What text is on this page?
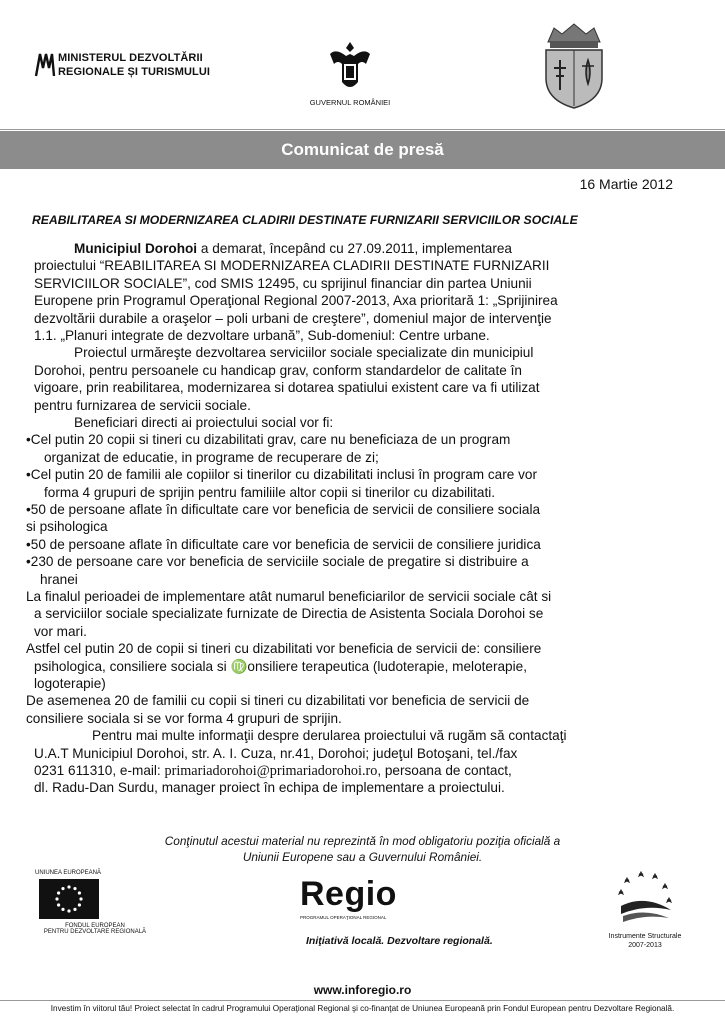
MINISTERUL DEZVOLTĂRII
REGIONALE ȘI TURISMULUI
GUVERNUL ROMÂNIEI
Comunicat de presă
16 Martie 2012
REABILITAREA SI MODERNIZAREA CLADIRII DESTINATE FURNIZARII SERVICIILOR SOCIALE
Municipiul Dorohoi a demarat, începând cu 27.09.2011, implementarea
proiectului “REABILITAREA SI MODERNIZAREA CLADIRII DESTINATE FURNIZARII
SERVICIILOR SOCIALE”, cod SMIS 12495, cu sprijinul financiar din partea Uniunii
Europene prin Programul Operaţional Regional 2007-2013, Axa prioritară 1: „Sprijinirea
dezvoltării durabile a oraşelor – poli urbani de creştere”, domeniul major de intervenţie
1.1. „Planuri integrate de dezvoltare urbană”, Sub-domeniul: Centre urbane.
Proiectul urmăreşte dezvoltarea serviciilor sociale specializate din municipiul
Dorohoi, pentru persoanele cu handicap grav, conform standardelor de calitate în
vigoare, prin reabilitarea, modernizarea si dotarea spatiului existent care va fi utilizat
pentru furnizarea de servicii sociale.
Beneficiari directi ai proiectului social vor fi:
•Cel putin 20 copii si tineri cu dizabilitati grav, care nu beneficiaza de un program
organizat de educatie, in programe de recuperare de zi;
•Cel putin 20 de familii ale copiilor si tinerilor cu dizabilitati inclusi în program care vor
forma 4 grupuri de sprijin pentru familiile altor copii si tinerilor cu dizabilitati.
•50 de persoane aflate în dificultate care vor beneficia de servicii de consiliere sociala
si psihologica
•50 de persoane aflate în dificultate care vor beneficia de servicii de consiliere juridica
•230 de persoane care vor beneficia de serviciile sociale de pregatire si distribuire a
hranei
La finalul perioadei de implementare atât numarul beneficiarilor de servicii sociale cât si
a serviciilor sociale specializate furnizate de Directia de Asistenta Sociala Dorohoi se
vor mari.
Astfel cel putin 20 de copii si tineri cu dizabilitati vor beneficia de servicii de: consiliere
psihologica, consiliere sociala si ♍onsiliere terapeutica (ludoterapie, meloterapie,
logoterapie)
De asemenea 20 de familii cu copii si tineri cu dizabilitati vor beneficia de servicii de
consiliere sociala si se vor forma 4 grupuri de sprijin.
Pentru mai multe informaţii despre derularea proiectului vă rugăm să contactaţi
U.A.T Municipiul Dorohoi, str. A. I. Cuza, nr.41, Dorohoi; judeţul Botoşani, tel./fax
0231 611310, e-mail: primariadorohoi@primariadorohoi.ro, persoana de contact,
dl. Radu-Dan Surdu, manager proiect în echipa de implementare a proiectului.
Conţinutul acestui material nu reprezintă în mod obligatoriu poziţia oficială a
Uniunii Europene sau a Guvernului României.
UNIUNEA EUROPEANĂ
FONDUL EUROPEAN
PENTRU DEZVOLTARE REGIONALĂ
Regio
PROGRAMUL OPERAŢIONAL REGIONAL
Iniţiativă locală. Dezvoltare regională.	Instrumente Structurale
2007-2013
www.inforegio.ro
Investim în viitorul tău! Proiect selectat în cadrul Programului Operaţional Regional şi co-finanţat de Uniunea Europeană prin Fondul European pentru Dezvoltare Regională.
